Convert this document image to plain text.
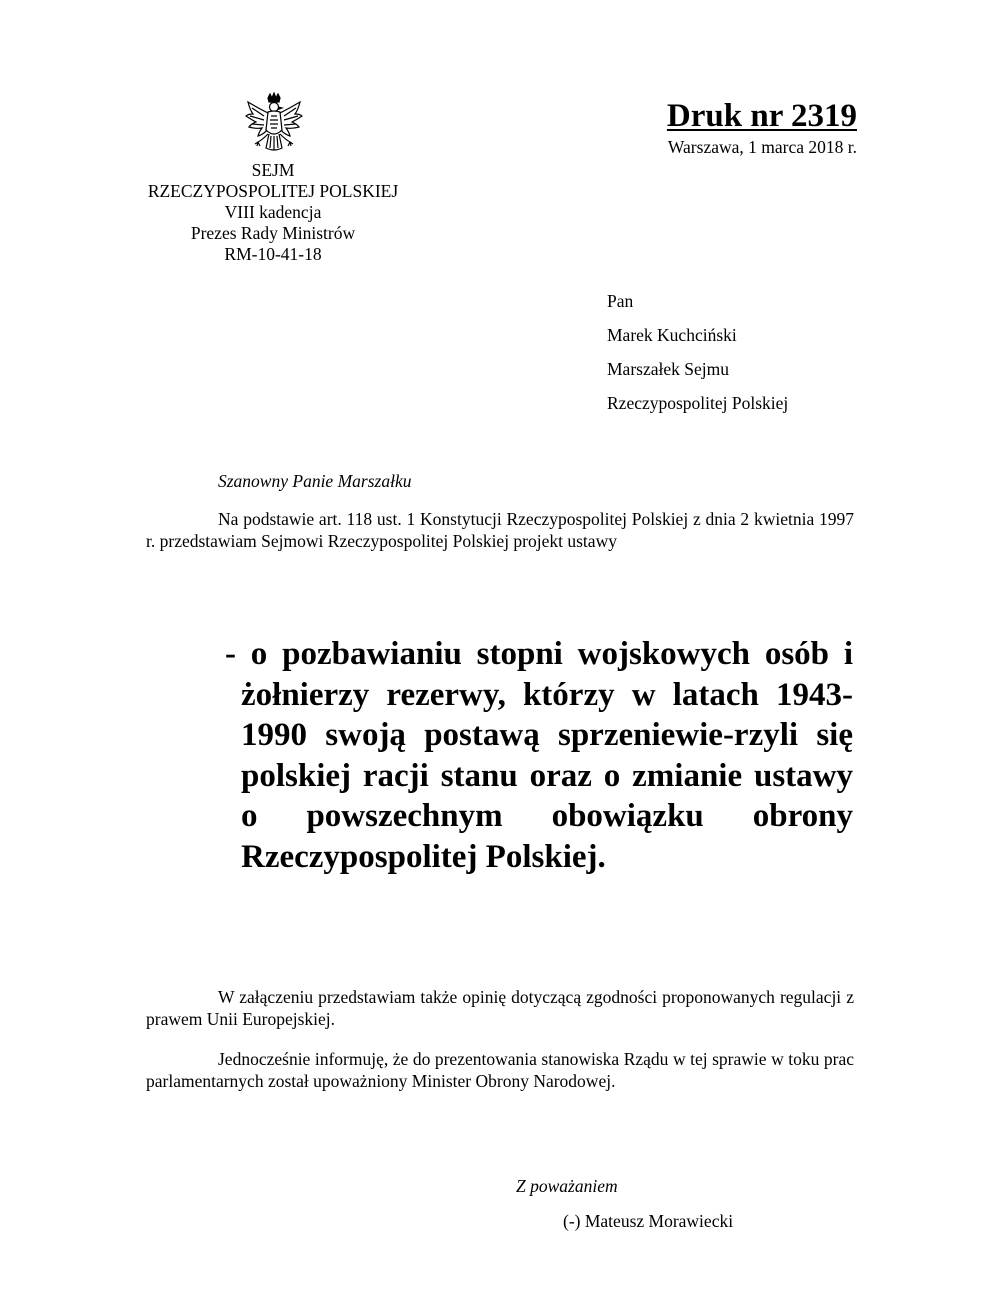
SEJM
RZECZYPOSPOLITEJ POLSKIEJ
VIII kadencja
Prezes Rady Ministrów
RM-10-41-18
Druk nr 2319
Warszawa, 1 marca 2018 r.
Pan
Marek Kuchciński
Marszałek Sejmu
Rzeczypospolitej Polskiej
Szanowny Panie Marszałku
Na podstawie art. 118 ust. 1 Konstytucji Rzeczypospolitej Polskiej z dnia 2 kwietnia 1997 r. przedstawiam Sejmowi Rzeczypospolitej Polskiej projekt ustawy
- o pozbawianiu stopni wojskowych osób i żołnierzy rezerwy, którzy w latach 1943-1990 swoją postawą sprzeniewie-rzyli się polskiej racji stanu oraz o zmianie ustawy o powszechnym obowiązku obrony Rzeczypospolitej Polskiej.
W załączeniu przedstawiam także opinię dotyczącą zgodności proponowanych regulacji z prawem Unii Europejskiej.
Jednocześnie informuję, że do prezentowania stanowiska Rządu w tej sprawie w toku prac parlamentarnych został upoważniony Minister Obrony Narodowej.
Z poważaniem
(-) Mateusz Morawiecki
